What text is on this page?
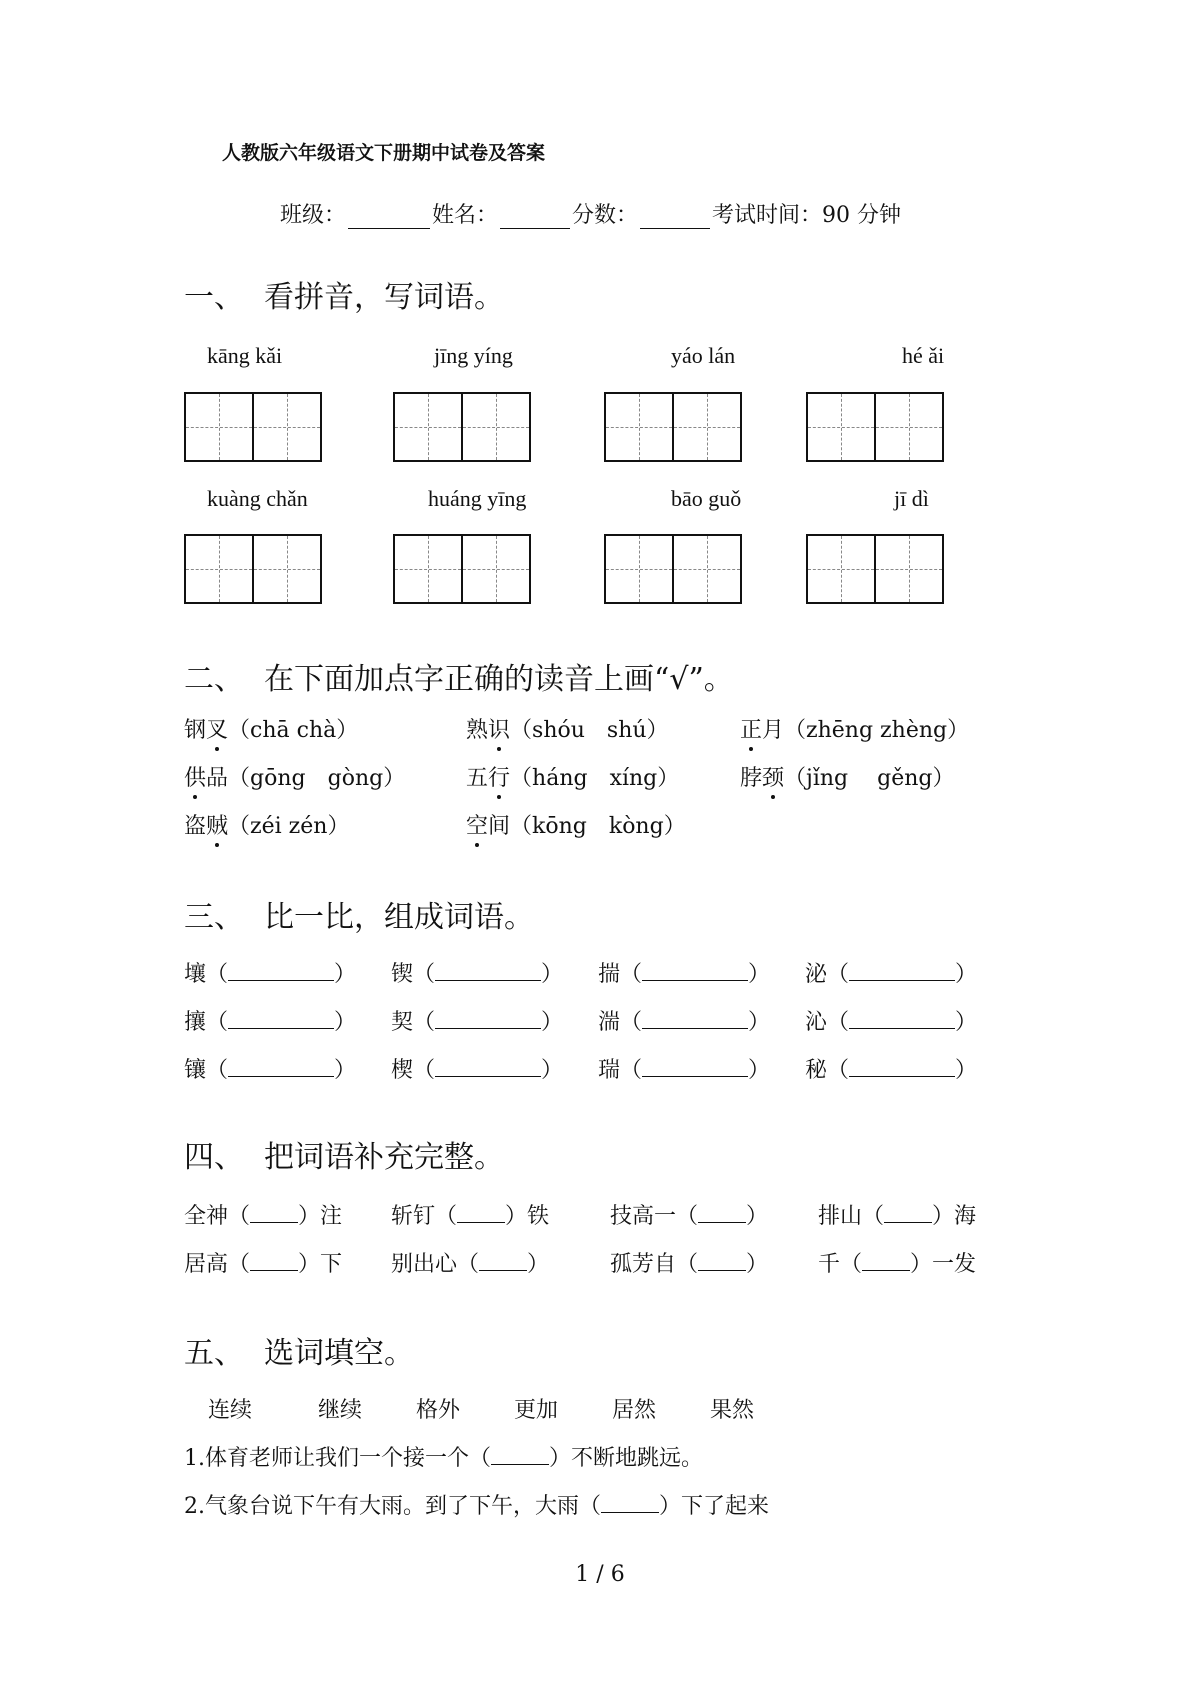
人教版六年级语文下册期中试卷及答案
班级：	姓名：	分数：	考试时间：90 分钟
一、 看拼音，写词语。
kāng kǎi	jīng yíng	yáo lán	hé ǎi
kuàng chǎn	huáng yīng	bāo guǒ	jī dì
二、 在下面加点字正确的读音上画“√”。
钢叉（chā chà）	熟识（shóu　shú）	正月（zhēng zhèng）
供品（gōng　gòng）	五行（háng　xíng）	脖颈（jǐng　 gěng）
盗贼（zéi zén）	空间（kōng　kòng）
三、 比一比，组成词语。
壤（	） 锲（	） 揣（	） 泌（	）
攘（	） 契（	） 湍（	） 沁（	）
镶（	） 楔（	） 瑞（	） 秘（	）
四、 把词语补充完整。
全神（ ）注 斩钉（ ）铁	技高一（ ） 排山（ ）海
居高（ ）下 别出心（ ）	孤芳自（ ） 千（ ）一发
五、 选词填空。
连续	继续 格外 更加 居然 果然
1.体育老师让我们一个接一个（	）不断地跳远。
2.气象台说下午有大雨。到了下午，大雨（	）下了起来
1 / 6
